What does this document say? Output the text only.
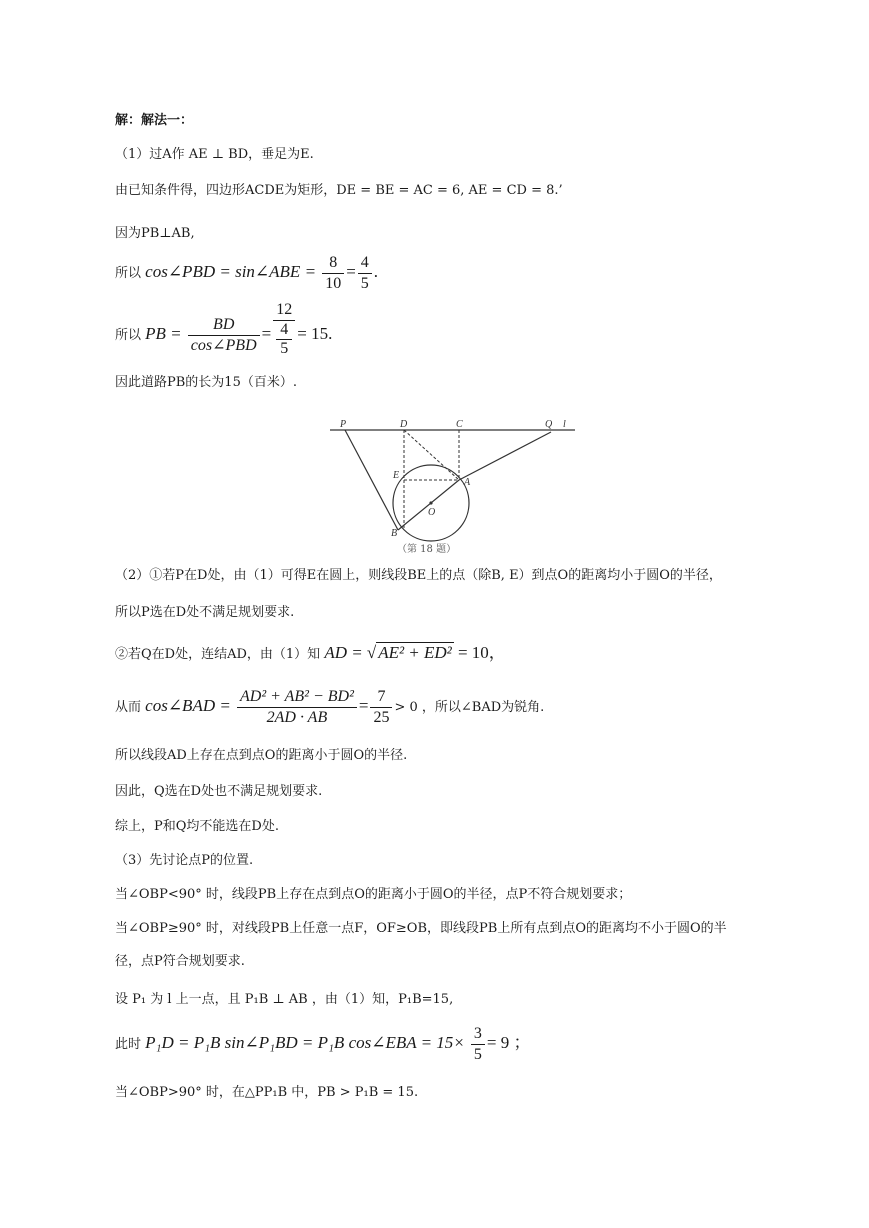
解：解法一：
（1）过A作 AE ⊥ BD，垂足为E.
由已知条件得，四边形ACDE为矩形，DE = BE = AC = 6, AE = CD = 8.’
因为PB⊥AB,
所以 cos∠PBD = sin∠ABE = $\frac{8}{10} = \frac{4}{5}$ .
所以 PB = $\frac{BD}{\text{cos∠PBD}} = 12$
4
5 = 15.
因此道路PB的长为15（百米）.
P	D	C	Q l
E
A
O
B
（第 18 题）
（2）①若P在D处，由（1）可得E在圆上，则线段BE上的点（除B, E）到点O的距离均小于圆O的半径，
所以P选在D处不满足规划要求.
②若Q在D处，连结AD，由（1）知 AD = √ AE² + ED² = 10，
从而 cos∠BAD = $\frac{\text{AD² + AB² − BD²}}{2AD \cdot AB} = \frac{7}{25} > 0$ ，所以∠BAD为锐角.
所以线段AD上存在点到点O的距离小于圆O的半径.
因此，Q选在D处也不满足规划要求.
综上，P和Q均不能选在D处.
（3）先讨论点P的位置.
当∠OBP<90° 时，线段PB上存在点到点O的距离小于圆O的半径，点P不符合规划要求；
当∠OBP≥90° 时，对线段PB上任意一点F，OF≥OB，即线段PB上所有点到点O的距离均不小于圆O的半
径，点P符合规划要求.
设 P₁ 为 l 上一点，且 P₁B ⊥ AB ，由（1）知，P₁B=15,
此时 P₁D = P₁B sin∠P₁BD = P₁B cos∠EBA = $15\times \frac{3}{5} = 9$ ；
当∠OBP>90° 时，在△PP₁B 中，PB > P₁B = 15.
